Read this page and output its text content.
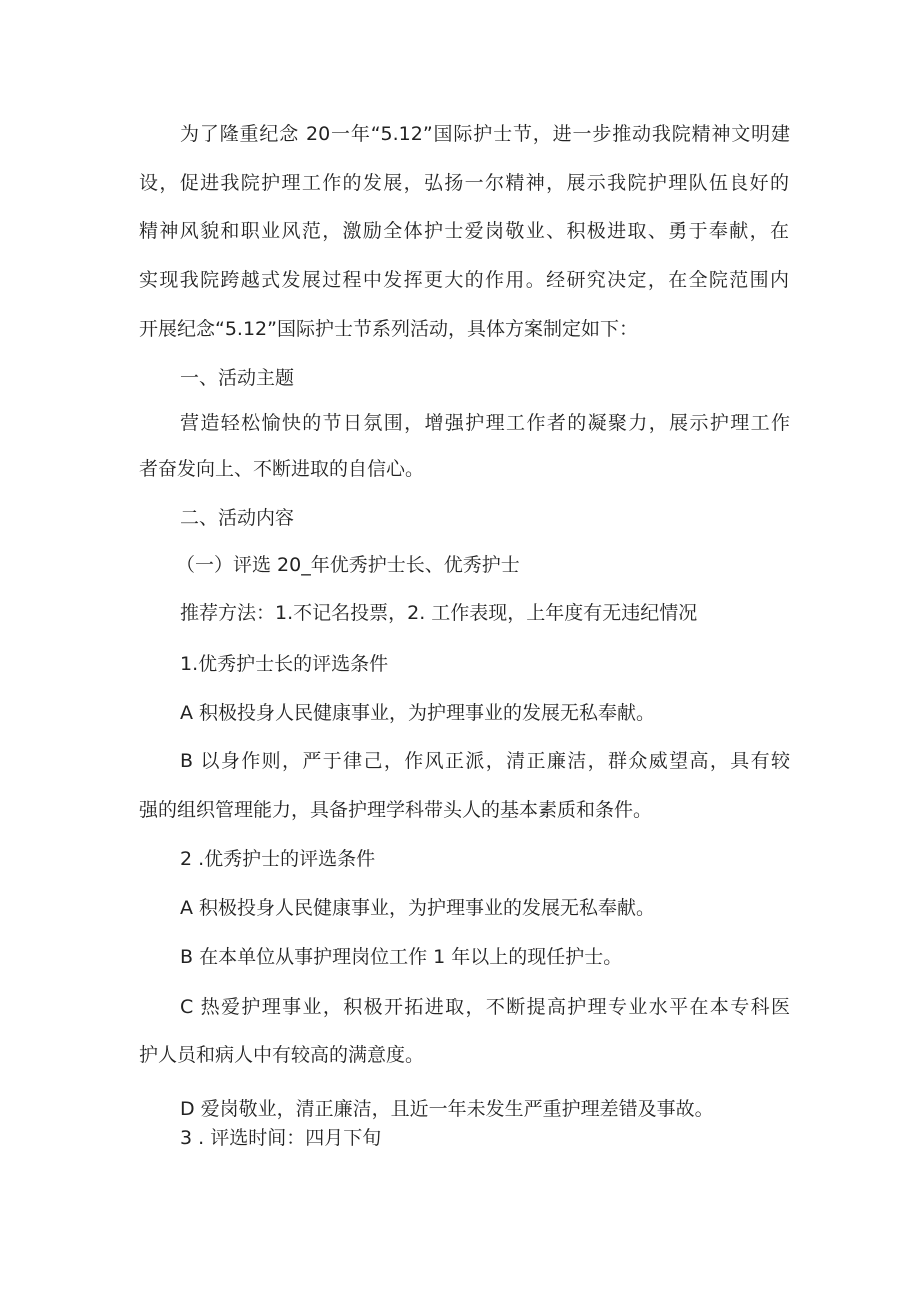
为了隆重纪念 20一年“5.12”国际护士节，进一步推动我院精神文明建
设，促进我院护理工作的发展，弘扬一尔精神，展示我院护理队伍良好的
精神风貌和职业风范，激励全体护士爱岗敬业、积极进取、勇于奉献，在
实现我院跨越式发展过程中发挥更大的作用。经研究决定，在全院范围内
开展纪念“5.12”国际护士节系列活动，具体方案制定如下：
一、活动主题
营造轻松愉快的节日氛围，增强护理工作者的凝聚力，展示护理工作
者奋发向上、不断进取的自信心。
二、活动内容
（一）评选 20_年优秀护士长、优秀护士
推荐方法：1.不记名投票，2. 工作表现，上年度有无违纪情况
1.优秀护士长的评选条件
A 积极投身人民健康事业，为护理事业的发展无私奉献。
B 以身作则，严于律己，作风正派，清正廉洁，群众威望高，具有较
强的组织管理能力，具备护理学科带头人的基本素质和条件。
2 .优秀护士的评选条件
A 积极投身人民健康事业，为护理事业的发展无私奉献。
B 在本单位从事护理岗位工作 1 年以上的现任护士。
C 热爱护理事业，积极开拓进取，不断提高护理专业水平在本专科医
护人员和病人中有较高的满意度。
D 爱岗敬业，清正廉洁，且近一年未发生严重护理差错及事故。
3 . 评选时间：四月下旬
